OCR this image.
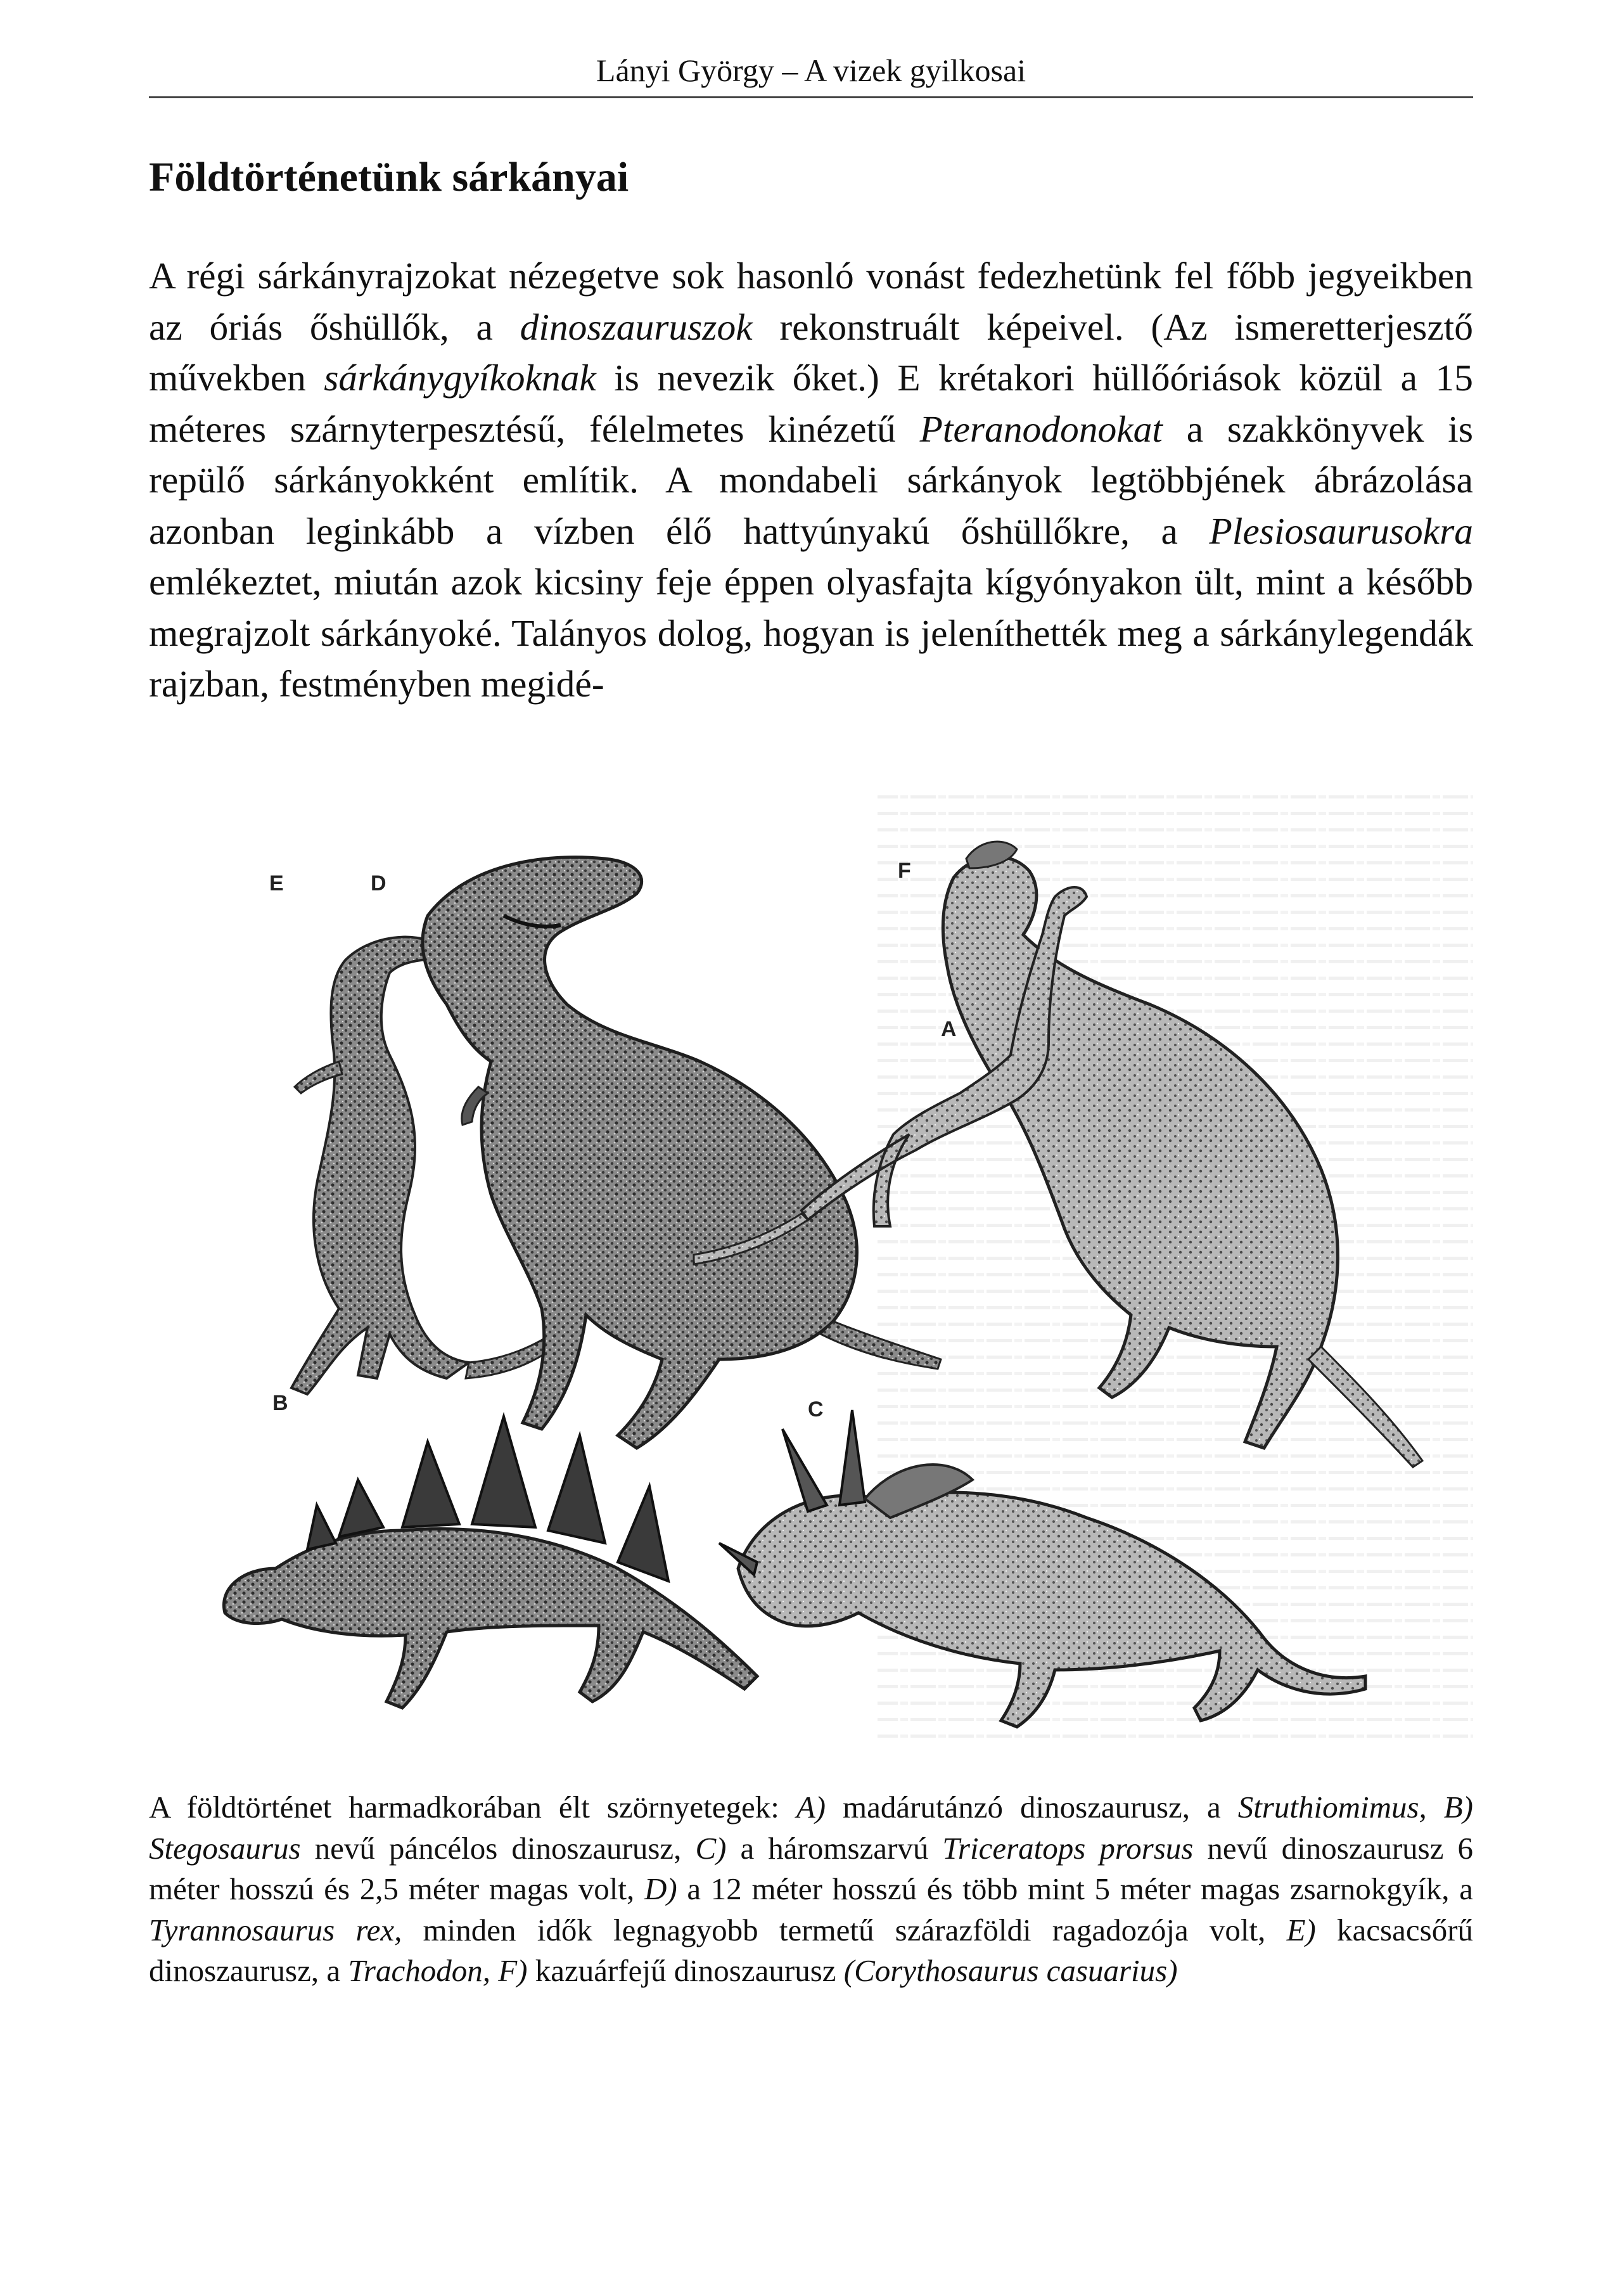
Lányi György – A vizek gyilkosai
Földtörténetünk sárkányai

A régi sárkányrajzokat nézegetve sok hasonló vonást fedezhetünk fel főbb jegyeikben az óriás őshüllők, a dinoszauruszok rekonstruált képeivel. (Az ismeretterjesztő művekben sárkánygyíkoknak is nevezik őket.) E krétakori hüllőóriások közül a 15 méteres szárnyterpesztésű, félelmetes kinézetű Pteranodonokat a szakkönyvek is repülő sárkányokként említik. A mondabeli sárkányok legtöbbjének ábrázolása azonban leginkább a vízben élő hattyúnyakú őshüllőkre, a Plesiosaurusokra emlékeztet, miután azok kicsiny feje éppen olyasfajta kígyónyakon ült, mint a később megrajzolt sárkányoké. Talányos dolog, hogyan is jeleníthették meg a sárkánylegendák rajzban, festményben megidé-

E	D
F
A
B	C

A földtörténet harmadkorában élt szörnyetegek: A) madárutánzó dinoszaurusz, a Struthiomimus, B) Stegosaurus nevű páncélos dinoszaurusz, C) a háromszarvú Triceratops prorsus nevű dinoszaurusz 6 méter hosszú és 2,5 méter magas volt, D) a 12 méter hosszú és több mint 5 méter magas zsarnokgyík, a Tyrannosaurus rex, minden idők legnagyobb termetű szárazföldi ragadozója volt, E) kacsacsőrű dinoszaurusz, a Trachodon, F) kazuárfejű dinoszaurusz (Corythosaurus casuarius)
